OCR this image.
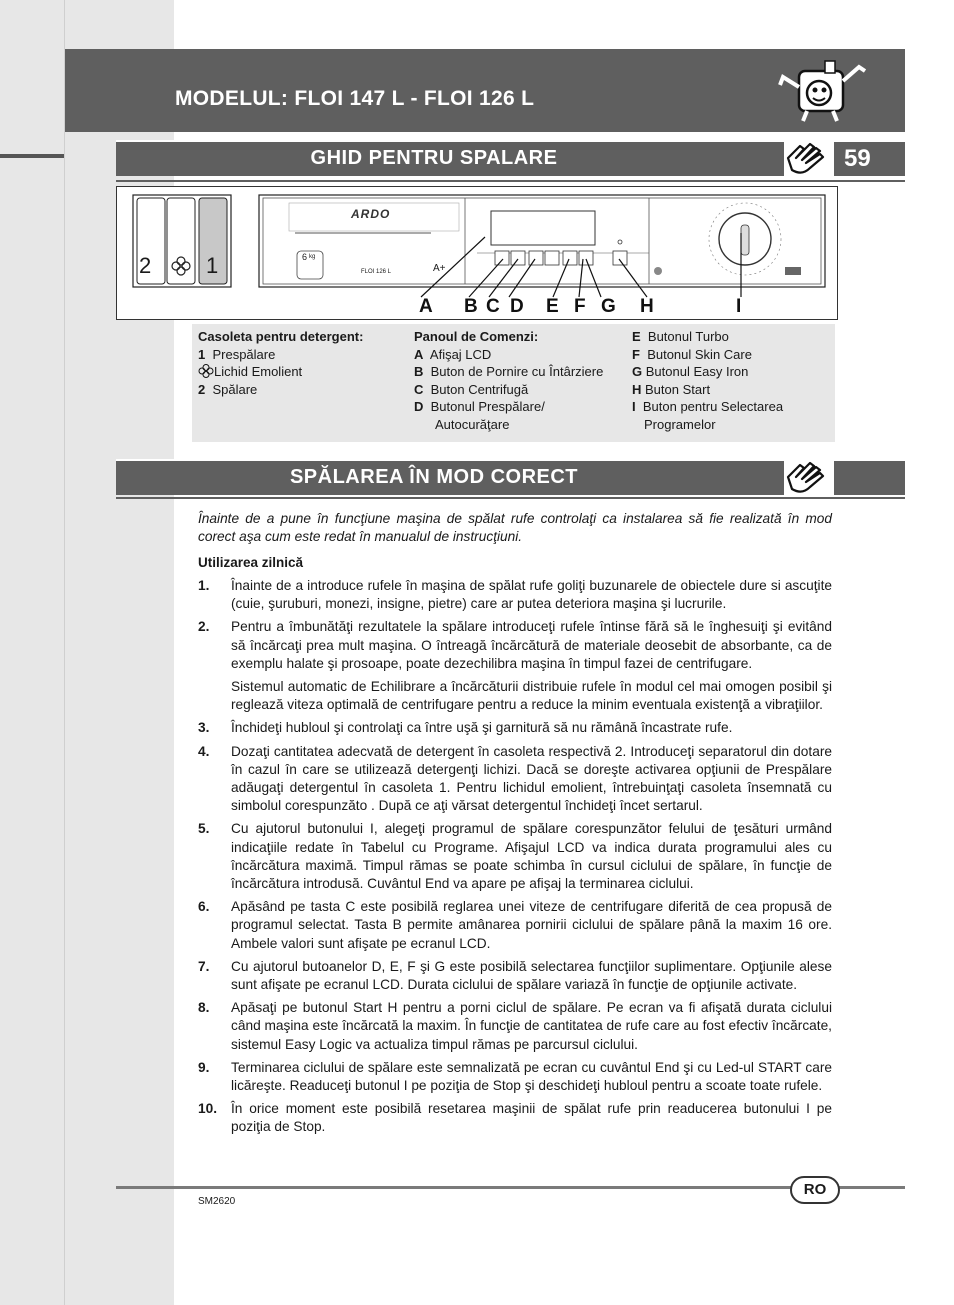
MODELUL: FLOI 147 L - FLOI 126 L
GHID PENTRU SPALARE	59
2 1
ARDO
FLOI 126 L
6 kg
A+
A B C D E F G H	I
Casoleta pentru detergent:
1 Prespălare
Lichid Emolient
2 Spălare
Panoul de Comenzi:
A Afişaj LCD
B Buton de Pornire cu Întârziere
C Buton Centrifugă
D Butonul Prespălare/
Autocurăţare
E Butonul Turbo
F Butonul Skin Care
G Butonul Easy Iron
H Buton Start
I Buton pentru Selectarea
Programelor
SPĂLAREA ÎN MOD CORECT
Înainte de a pune în funcţiune maşina de spălat rufe controlaţi ca instalarea să fie realizată în mod corect aşa cum este redat în manualul de instrucţiuni.
Utilizarea zilnică
1. Înainte de a introduce rufele în maşina de spălat rufe goliţi buzunarele de obiectele dure si ascuţite (cuie, şuruburi, monezi, insigne, pietre) care ar putea deteriora maşina şi lucrurile.
2. Pentru a îmbunătăţi rezultatele la spălare introduceţi rufele întinse fără să le înghesuiţi şi evitând să încărcaţi prea mult maşina. O întreagă încărcătură de materiale deosebit de absorbante, ca de exemplu halate şi prosoape, poate dezechilibra maşina în timpul fazei de centrifugare.
Sistemul automatic de Echilibrare a încărcăturii distribuie rufele în modul cel mai omogen posibil şi reglează viteza optimală de centrifugare pentru a reduce la minim eventuala existenţă a vibraţiilor.
3. Închideţi hubloul şi controlaţi ca între uşă şi garnitură să nu rămână încastrate rufe.
4. Dozaţi cantitatea adecvată de detergent în casoleta respectivă 2. Introduceţi separatorul din dotare în cazul în care se utilizează detergenţi lichizi. Dacă se doreşte activarea opţiunii de Prespălare adăugaţi detergentul în casoleta 1. Pentru lichidul emolient, întrebuinţaţi casoleta însemnată cu simbolul corespunzăto . După ce aţi vărsat detergentul închideţi încet sertarul.
5. Cu ajutorul butonului I, alegeţi programul de spălare corespunzător felului de ţesături urmând indicaţiile redate în Tabelul cu Programe. Afişajul LCD va indica durata programului ales cu încărcătura maximă. Timpul rămas se poate schimba în cursul ciclului de spălare, în funcţie de încărcătura introdusă. Cuvântul End va apare pe afişaj la terminarea ciclului.
6. Apăsând pe tasta C este posibilă reglarea unei viteze de centrifugare diferită de cea propusă de programul selectat. Tasta B permite amânarea pornirii ciclului de spălare până la maxim 16 ore. Ambele valori sunt afişate pe ecranul LCD.
7. Cu ajutorul butoanelor D, E, F şi G este posibilă selectarea funcţiilor suplimentare. Opţiunile alese sunt afişate pe ecranul LCD. Durata ciclului de spălare variază în funcţie de opţiunile activate.
8. Apăsaţi pe butonul Start H pentru a porni ciclul de spălare. Pe ecran va fi afişată durata ciclului când maşina este încărcată la maxim. În funcţie de cantitatea de rufe care au fost efectiv încărcate, sistemul Easy Logic va actualiza timpul rămas pe parcursul ciclului.
9. Terminarea ciclului de spălare este semnalizată pe ecran cu cuvântul End şi cu Led-ul START care licăreşte. Readuceţi butonul I pe poziţia de Stop şi deschideţi hubloul pentru a scoate toate rufele.
10. În orice moment este posibilă resetarea maşinii de spălat rufe prin readucerea butonului I pe poziţia de Stop.
RO
SM2620
